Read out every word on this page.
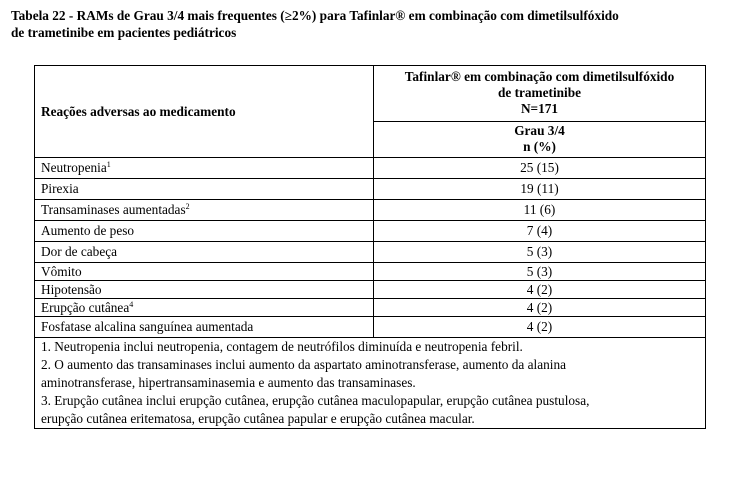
Tabela 22 - RAMs de Grau 3/4 mais frequentes (≥2%) para Tafinlar® em combinação com dimetilsulfóxido
de trametinibe em pacientes pediátricos
Reações adversas ao medicamento	Tafinlar® em combinação com dimetilsulfóxido
de trametinibe
N=171

	Grau 3/4
n (%)

Neutropenia$^1$	25 (15)
Pirexia	19 (11)
Transaminases aumentadas$^2$	11 (6)
Aumento de peso	7 (4)
Dor de cabeça	5 (3)
Vômito	5 (3)
Hipotensão	4 (2)
Erupção cutânea$^4$	4 (2)
Fosfatase alcalina sanguínea aumentada	4 (2)

1. Neutropenia inclui neutropenia, contagem de neutrófilos diminuída e neutropenia febril.
2. O aumento das transaminases inclui aumento da aspartato aminotransferase, aumento da alanina
aminotransferase, hipertransaminasemia e aumento das transaminases.
3. Erupção cutânea inclui erupção cutânea, erupção cutânea maculopapular, erupção cutânea pustulosa,
erupção cutânea eritematosa, erupção cutânea papular e erupção cutânea macular.	
